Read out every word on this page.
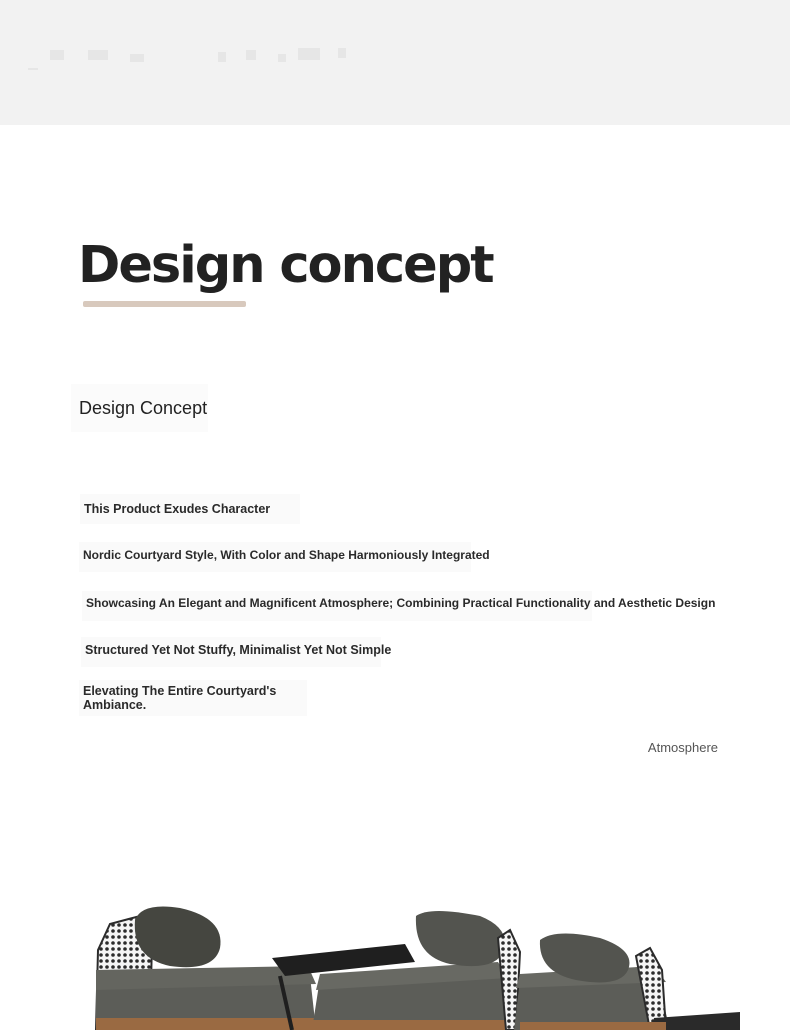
Design concept
Design Concept
This Product Exudes Character
Nordic Courtyard Style, With Color and Shape Harmoniously Integrated
Showcasing An Elegant and Magnificent Atmosphere; Combining Practical Functionality and Aesthetic Design
Structured Yet Not Stuffy, Minimalist Yet Not Simple
Elevating The Entire Courtyard's Ambiance.
Atmosphere
